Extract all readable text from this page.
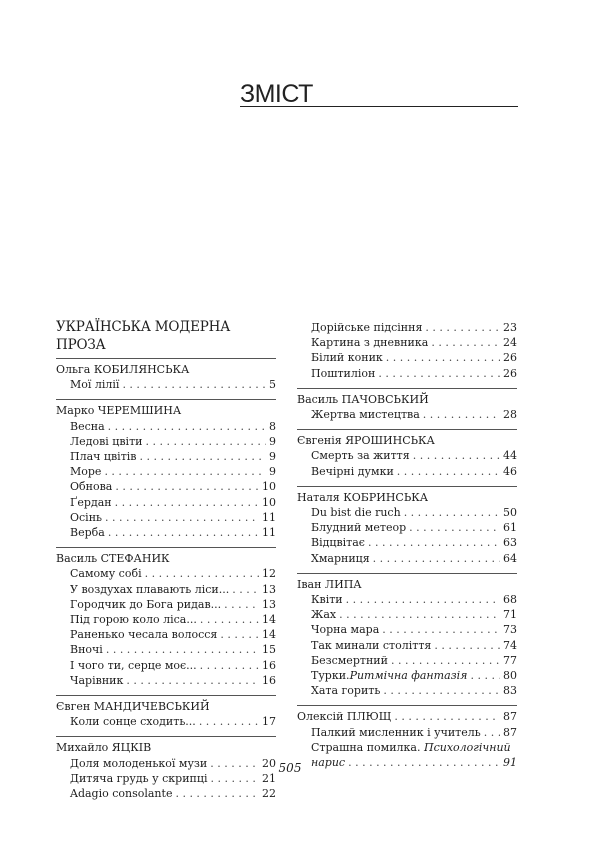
ЗМІСТ
УКРАЇНСЬКА МОДЕРНА ПРОЗА
Ольга КОБИЛЯНСЬКА
Мої лілії . . .	5
Марко ЧЕРЕМШИНА
Весна . . .	8
Ледові цвіти . . .	9
Плач цвітів . . .	9
Море . . .	9
Обнова . . .	10
Ґердан . . .	10
Осінь . . .	11
Верба . . .	11
Василь СТЕФАНИК
Самому собі . . .	12
У воздухах плавають ліси... . . .	13
Городчик до Бога ридав... . . .	13
Під горою коло ліса... . . .	14
Раненько чесала волосся . . .	14
Вночі . . .	15
І чого ти, серце моє... . . .	16
Чарівник . . .	16
Євген МАНДИЧЕВСЬКИЙ
Коли сонце сходить... . . .	17
Михайло ЯЦКІВ
Доля молоденької музи . . .	20
Дитяча грудь у скрипці . . .	21
Adagio consolante . . .	22
Дорійське підсіння . . .	23
Картина з дневника . . .	24
Білий коник . . .	26
Поштиліон . . .	26
Василь ПАЧОВСЬКИЙ
Жертва мистецтва . . .	28
Євгенія ЯРОШИНСЬКА
Смерть за життя . . .	44
Вечірні думки . . .	46
Наталя КОБРИНСЬКА
Du bist die ruch . . .	50
Блудний метеор . . .	61
Відцвітає . . .	63
Хмарниця . . .	64
Іван ЛИПА
Квіти . . .	68
Жах . . .	71
Чорна мара . . .	73
Так минали століття . . .	74
Безсмертний . . .	77
Турки. Ритмічна фантазія . . .	80
Хата горить . . .	83
Олексій ПЛЮЩ . . .	87
Палкий мисленник і учитель . . . 87
Страшна помилка. Психологічний
нарис . . .	91
505
